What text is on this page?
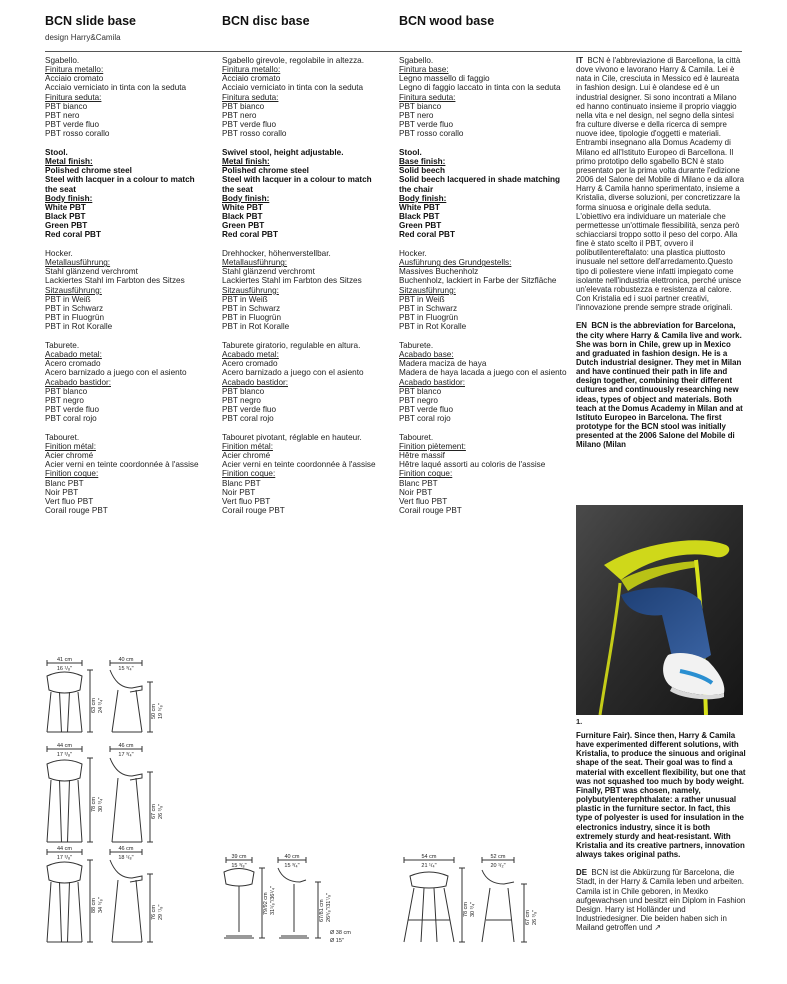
BCN slide base	BCN disc base	BCN wood base
design Harry&Camila
Sgabello.
Finitura metallo:
Acciaio cromato
Acciaio verniciato in tinta con la seduta
Finitura seduta:
PBT bianco
PBT nero
PBT verde fluo
PBT rosso corallo
Stool.
Metal finish:
Polished chrome steel
Steel with lacquer in a colour to match
the seat
Body finish:
White PBT
Black PBT
Green PBT
Red coral PBT
Hocker.
Metallausführung:
Stahl glänzend verchromt
Lackiertes Stahl im Farbton des Sitzes
Sitzausführung:
PBT in Weiß
PBT in Schwarz
PBT in Fluogrün
PBT in Rot Koralle
Taburete.
Acabado metal:
Acero cromado
Acero barnizado a juego con el asiento
Acabado bastidor:
PBT blanco
PBT negro
PBT verde fluo
PBT coral rojo
Tabouret.
Finition métal:
Acier chromé
Acier verni en teinte coordonnée à l'assise
Finition coque:
Blanc PBT
Noir PBT
Vert fluo PBT
Corail rouge PBT
Sgabello girevole, regolabile in altezza.
Finitura metallo:
Acciaio cromato
Acciaio verniciato in tinta con la seduta
Finitura seduta:
PBT bianco
PBT nero
PBT verde fluo
PBT rosso corallo
Swivel stool, height adjustable.
Metal finish:
Polished chrome steel
Steel with lacquer in a colour to match
the seat
Body finish:
White PBT
Black PBT
Green PBT
Red coral PBT
Drehhocker, höhenverstellbar.
Metallausführung:
Stahl glänzend verchromt
Lackiertes Stahl im Farbton des Sitzes
Sitzausführung:
PBT in Weiß
PBT in Schwarz
PBT in Fluogrün
PBT in Rot Koralle
Taburete giratorio, regulable en altura.
Acabado metal:
Acero cromado
Acero barnizado a juego con el asiento
Acabado bastidor:
PBT blanco
PBT negro
PBT verde fluo
PBT coral rojo
Tabouret pivotant, réglable en hauteur.
Finition métal:
Acier chromé
Acier verni en teinte coordonnée à l'assise
Finition coque:
Blanc PBT
Noir PBT
Vert fluo PBT
Corail rouge PBT
Sgabello.
Finitura base:
Legno massello di faggio
Legno di faggio laccato in tinta con la seduta
Finitura seduta:
PBT bianco
PBT nero
PBT verde fluo
PBT rosso corallo
Stool.
Base finish:
Solid beech
Solid beech lacquered in shade matching
the chair
Body finish:
White PBT
Black PBT
Green PBT
Red coral PBT
Hocker.
Ausführung des Grundgestells:
Massives Buchenholz
Buchenholz, lackiert in Farbe der Sitzfläche
Sitzausführung:
PBT in Weiß
PBT in Schwarz
PBT in Fluogrün
PBT in Rot Koralle
Taburete.
Acabado base:
Madera maciza de haya
Madera de haya lacada a juego con el asiento
Acabado bastidor:
PBT blanco
PBT negro
PBT verde fluo
PBT coral rojo
Tabouret.
Finition piètement:
Hêtre massif
Hêtre laqué assorti au coloris de l'assise
Finition coque:
Blanc PBT
Noir PBT
Vert fluo PBT
Corail rouge PBT

IT BCN è l'abbreviazione di Barcellona, la città dove vivono e lavorano Harry & Camila. Lei è nata in Cile, cresciuta in Messico ed è laureata in fashion design. Lui è olandese ed è un industrial designer. Si sono incontrati a Milano ed hanno continuato insieme il proprio viaggio nella vita e nel design, nel segno della sintesi fra culture diverse e della ricerca di sempre nuove idee, tipologie d'oggetti e materiali. Entrambi insegnano alla Domus Academy di Milano ed all'Istituto Europeo di Barcellona. Il primo prototipo dello sgabello BCN è stato presentato per la prima volta durante l'edizione 2006 del Salone del Mobile di Milano e da allora Harry & Camila hanno sperimentato, insieme a Kristalia, diverse soluzioni, per concretizzare la forma sinuosa e originale della seduta. L'obiettivo era individuare un materiale che permettesse un'ottimale flessibilità, senza però schiacciarsi troppo sotto il peso del corpo. Alla fine è stato scelto il PBT, ovvero il polibutilentereftalato: una plastica piuttosto inusuale nel settore dell'arredamento.Questo tipo di poliestere viene infatti impiegato come isolante nell'industria elettronica, perché unisce un'elevata robustezza e resistenza al calore. Con Kristalia ed i suoi partner creativi, l'innovazione prende sempre strade originali.

EN BCN is the abbreviation for Barcelona, the city where Harry & Camila live and work. She was born in Chile, grew up in Mexico and graduated in fashion design. He is a Dutch industrial designer. They met in Milan and have continued their path in life and design together, combining their different cultures and continuously researching new ideas, types of object and materials. Both teach at the Domus Academy in Milan and at Istituto Europeo in Barcelona. The first prototype for the BCN stool was initially presented at the 2006 Salone del Mobile di Milano (Milan

1.

Furniture Fair). Since then, Harry & Camila have experimented different solutions, with Kristalia, to produce the sinuous and original shape of the seat. Their goal was to find a material with excellent flexibility, but one that was not squashed too much by body weight. Finally, PBT was chosen, namely, polybutylenterephthalate: a rather unusual plastic in the furniture sector. In fact, this type of polyester is used for insulation in the electronics industry, since it is both extremely sturdy and heat-resistant. With Kristalia and its creative partners, innovation always takes original paths.

DE BCN ist die Abkürzung für Barcelona, die Stadt, in der Harry & Camila leben und arbeiten. Camila ist in Chile geboren, in Mexiko aufgewachsen und besitzt ein Diplom in Fashion Design. Harry ist Holländer und Industriedesigner. Die beiden haben sich in Mailand getroffen und ↗

41 cm
16 ¹/₈"
63 cm 24 ³/₄"
40 cm
15 ³/₄"
50 cm 19 ⁵/₈"
44 cm
17 ³/₈"
78 cm 30 ³/₄"
46 cm
17 ³/₄"
67 cm 26 ³/₈"
44 cm
17 ³/₈"
88 cm 34 ⁵/₈"
46 cm
18 ¹/₈"
76 cm 29 ⁷/₈"
39 cm
15 ³/₈"
79/92 cm 31¹/₈"/36¹/₄"
40 cm
15 ³/₄"
67/81 cm 26³/₈"/31⁷/₈"
Ø 38 cm
Ø 15"
54 cm
21 ¹/₄"
78 cm 30 ³/₄"
52 cm
20 ¹/₂"
67 cm 26 ³/₈"
